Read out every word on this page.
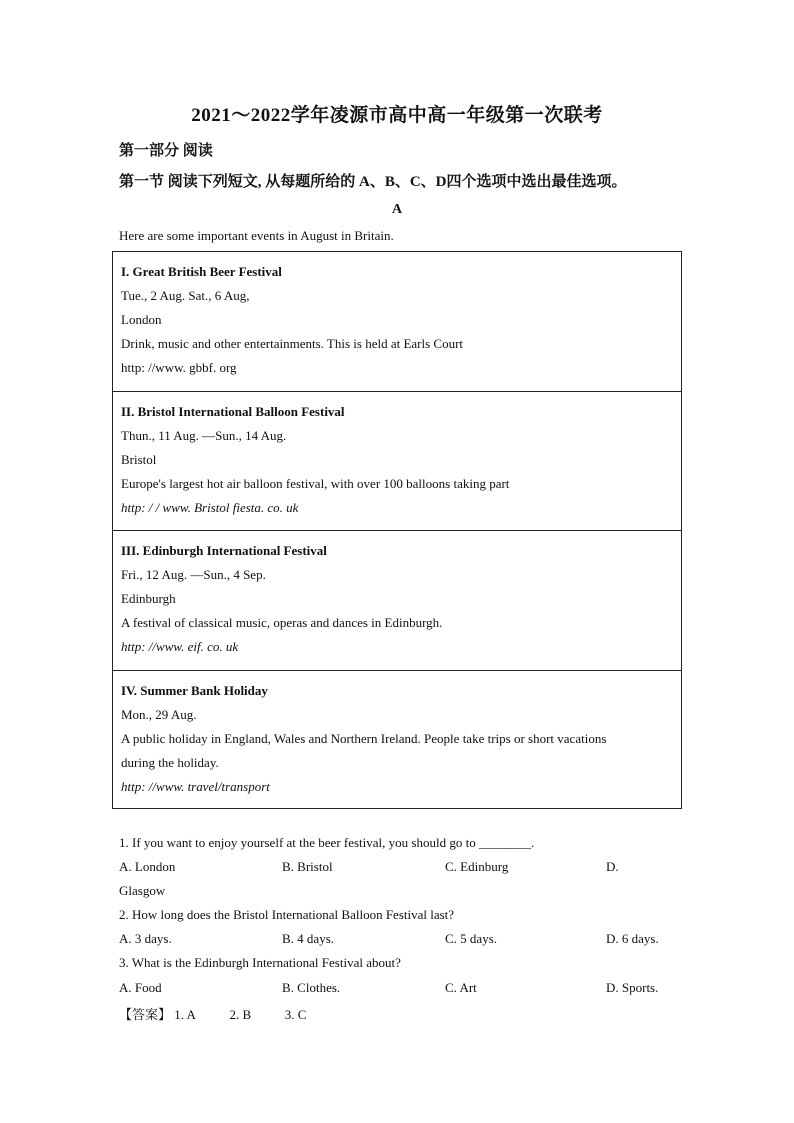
2021～2022学年凌源市高中高一年级第一次联考
第一部分 阅读
第一节 阅读下列短文, 从每题所给的 A、B、C、D四个选项中选出最佳选项。
A
Here are some important events in August in Britain.
I. Great British Beer Festival
Tue., 2 Aug. Sat., 6 Aug,
London
Drink, music and other entertainments. This is held at Earls Court
http: //www. gbbf. org
II. Bristol International Balloon Festival
Thun., 11 Aug. —Sun., 14 Aug.
Bristol
Europe's largest hot air balloon festival, with over 100 balloons taking part
http: / / www. Bristol fiesta. co. uk
III. Edinburgh International Festival
Fri., 12 Aug. —Sun., 4 Sep.
Edinburgh
A festival of classical music, operas and dances in Edinburgh.
http: //www. eif. co. uk
IV. Summer Bank Holiday
Mon., 29 Aug.
A public holiday in England, Wales and Northern Ireland. People take trips or short vacations
during the holiday.
http: //www. travel/transport
1. If you want to enjoy yourself at the beer festival, you should go to ________.
A. London	B. Bristol	C. Edinburg	D.
Glasgow
2. How long does the Bristol International Balloon Festival last?
A. 3 days.	B. 4 days.	C. 5 days.	D. 6 days.
3. What is the Edinburgh International Festival about?
A. Food	B. Clothes.	C. Art	D. Sports.
【答案】 1. A	2. B	3. C
